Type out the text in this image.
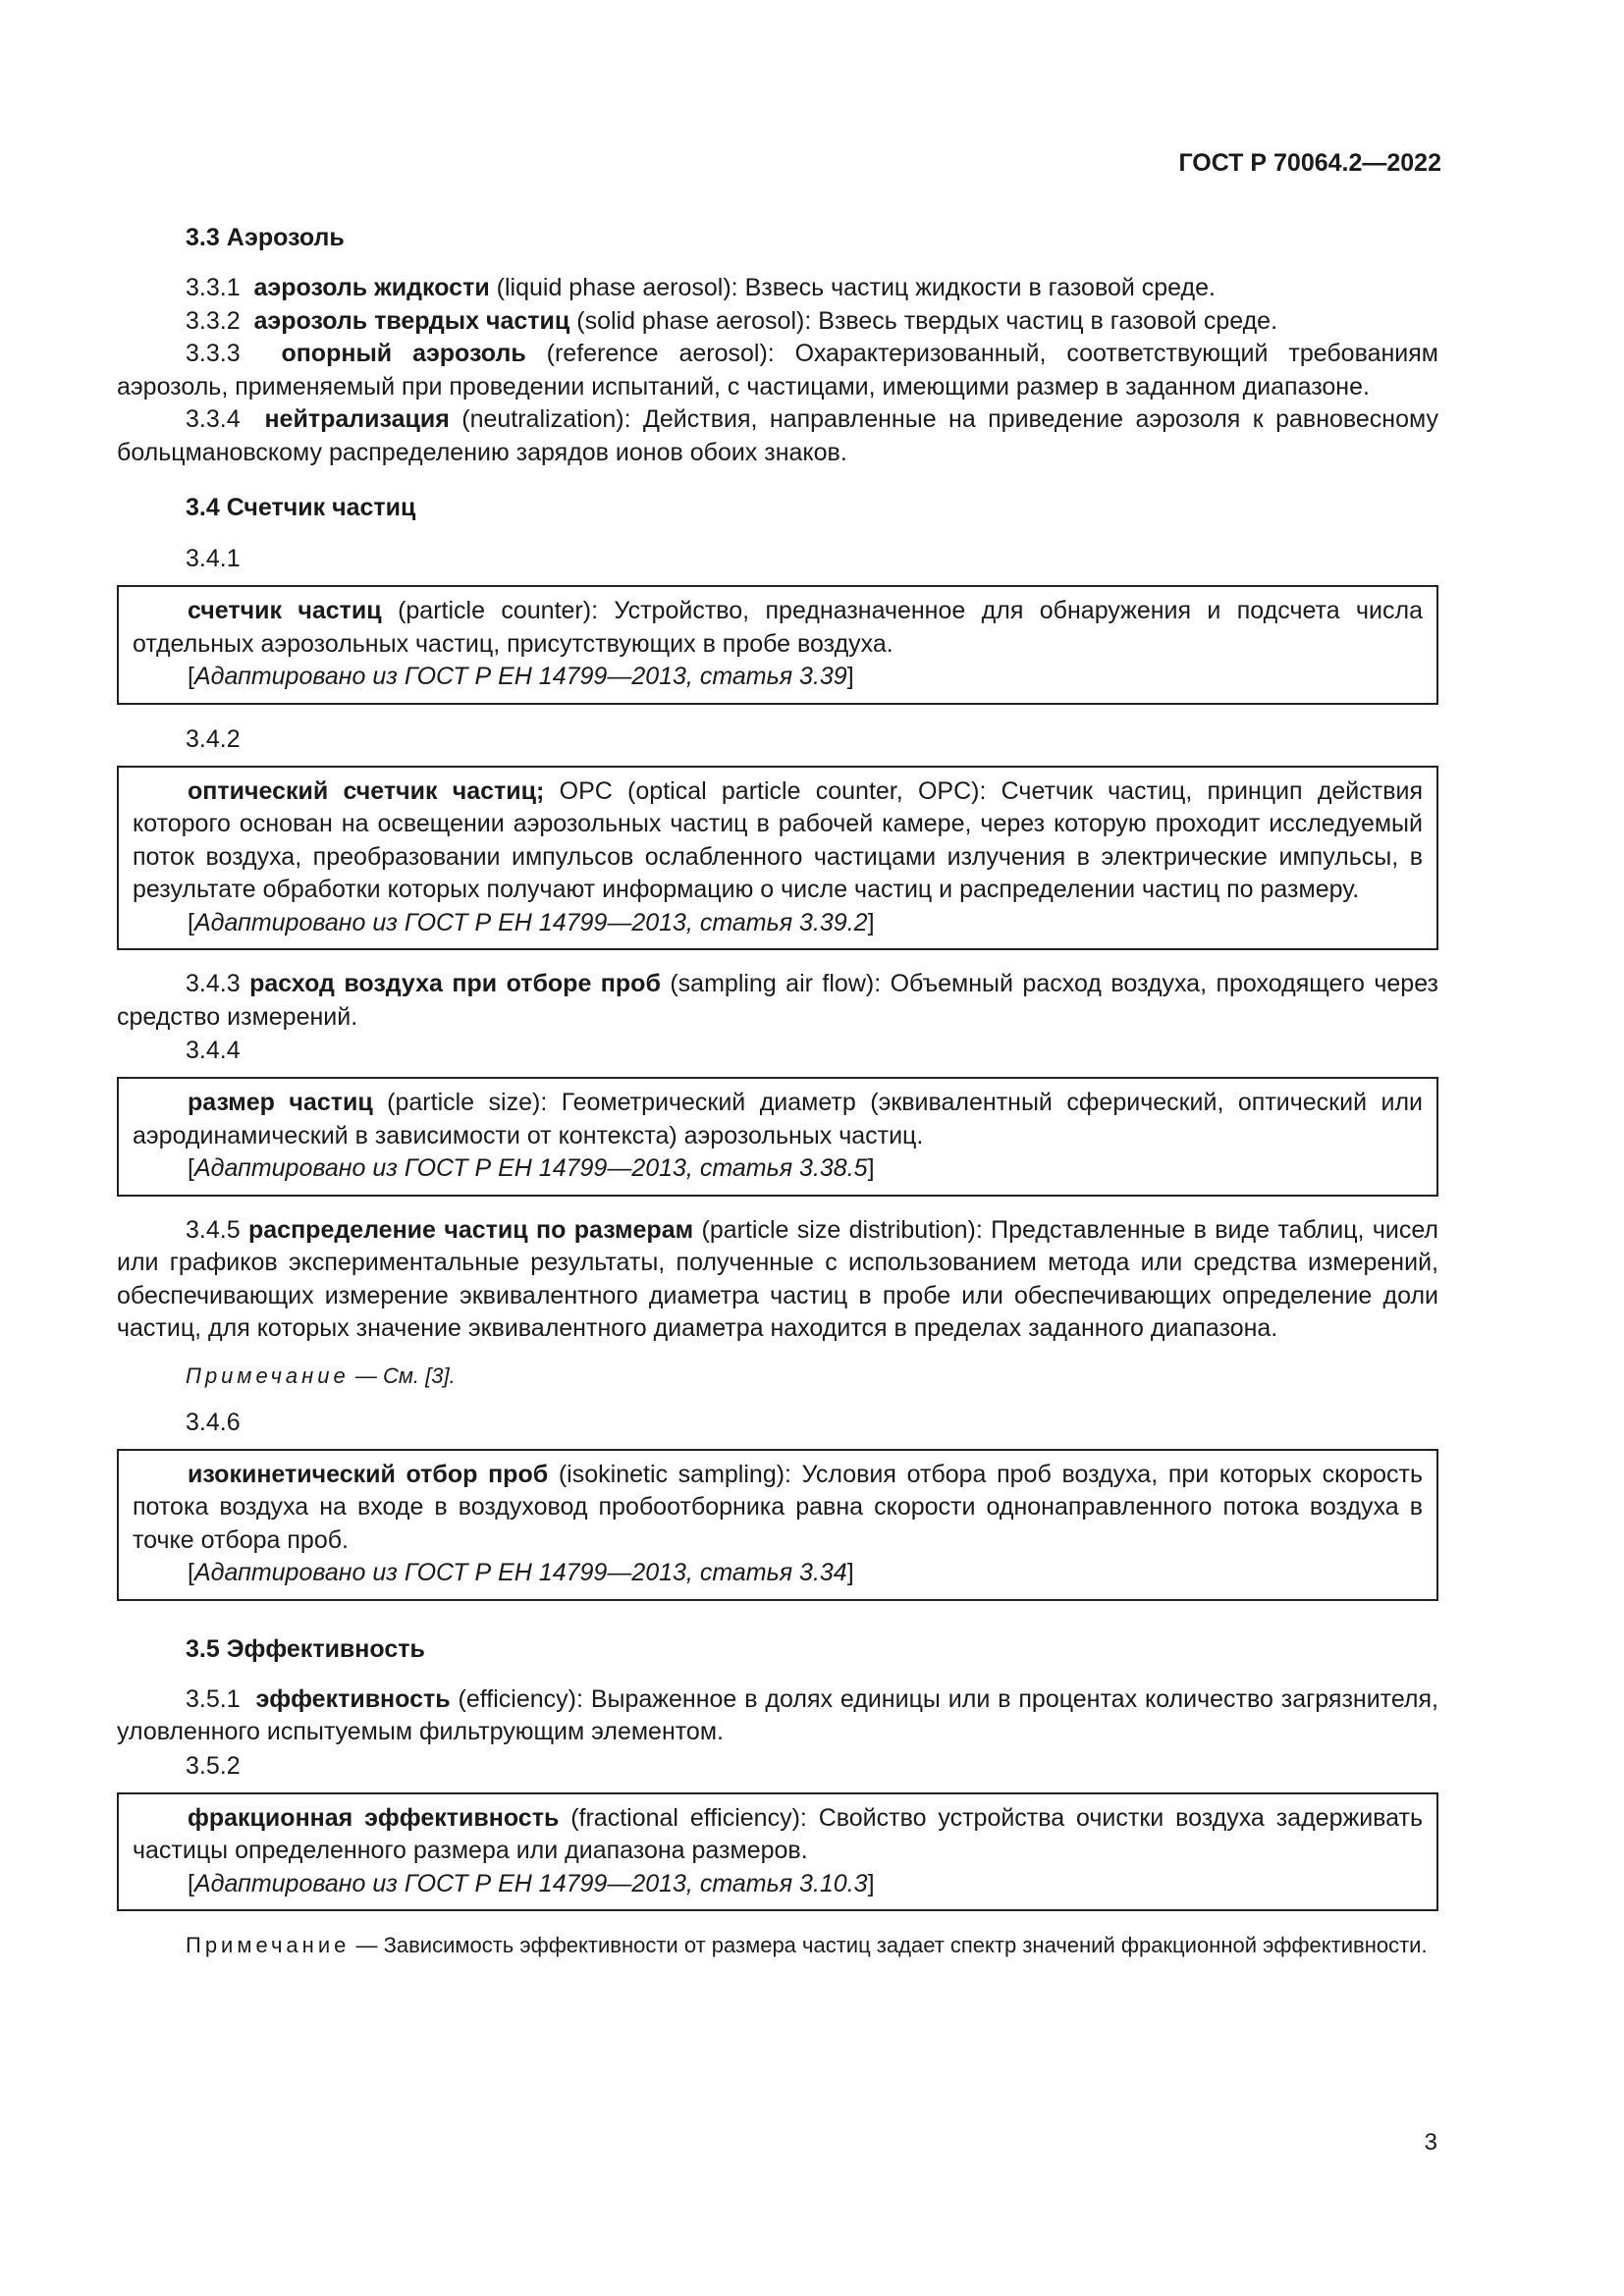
ГОСТ Р 70064.2—2022
3.3 Аэрозоль

3.3.1 аэрозоль жидкости (liquid phase aerosol): Взвесь частиц жидкости в газовой среде.

3.3.2 аэрозоль твердых частиц (solid phase aerosol): Взвесь твердых частиц в газовой среде.

3.3.3 опорный аэрозоль (reference aerosol): Охарактеризованный, соответствующий требованиям аэрозоль, применяемый при проведении испытаний, с частицами, имеющими размер в заданном диапазоне.

3.3.4 нейтрализация (neutralization): Действия, направленные на приведение аэрозоля к равновесному больцмановскому распределению зарядов ионов обоих знаков.

3.4 Счетчик частиц
3.4.1

счетчик частиц (particle counter): Устройство, предназначенное для обнаружения и подсчета числа отдельных аэрозольных частиц, присутствующих в пробе воздуха.

[Адаптировано из ГОСТ Р ЕН 14799—2013, статья 3.39]
3.4.2

оптический счетчик частиц; OPC (optical particle counter, OPC): Счетчик частиц, принцип действия которого основан на освещении аэрозольных частиц в рабочей камере, через которую проходит исследуемый поток воздуха, преобразовании импульсов ослабленного частицами излучения в электрические импульсы, в результате обработки которых получают информацию о числе частиц и распределении частиц по размеру.

[Адаптировано из ГОСТ Р ЕН 14799—2013, статья 3.39.2]

3.4.3 расход воздуха при отборе проб (sampling air flow): Объемный расход воздуха, проходящего через средство измерений.

3.4.4

размер частиц (particle size): Геометрический диаметр (эквивалентный сферический, оптический или аэродинамический в зависимости от контекста) аэрозольных частиц.

[Адаптировано из ГОСТ Р ЕН 14799—2013, статья 3.38.5]

3.4.5 распределение частиц по размерам (particle size distribution): Представленные в виде таблиц, чисел или графиков экспериментальные результаты, полученные с использованием метода или средства измерений, обеспечивающих измерение эквивалентного диаметра частиц в пробе или обеспечивающих определение доли частиц, для которых значение эквивалентного диаметра находится в пределах заданного диапазона.

Примечание — См. [3].

3.4.6

изокинетический отбор проб (isokinetic sampling): Условия отбора проб воздуха, при которых скорость потока воздуха на входе в воздуховод пробоотборника равна скорости однонаправленного потока воздуха в точке отбора проб.

[Адаптировано из ГОСТ Р ЕН 14799—2013, статья 3.34]
3.5 Эффективность

3.5.1 эффективность (efficiency): Выраженное в долях единицы или в процентах количество загрязнителя, уловленного испытуемым фильтрующим элементом.

3.5.2

фракционная эффективность (fractional efficiency): Свойство устройства очистки воздуха задерживать частицы определенного размера или диапазона размеров.

[Адаптировано из ГОСТ Р ЕН 14799—2013, статья 3.10.3]

Примечание — Зависимость эффективности от размера частиц задает спектр значений фракционной эффективности.

3
